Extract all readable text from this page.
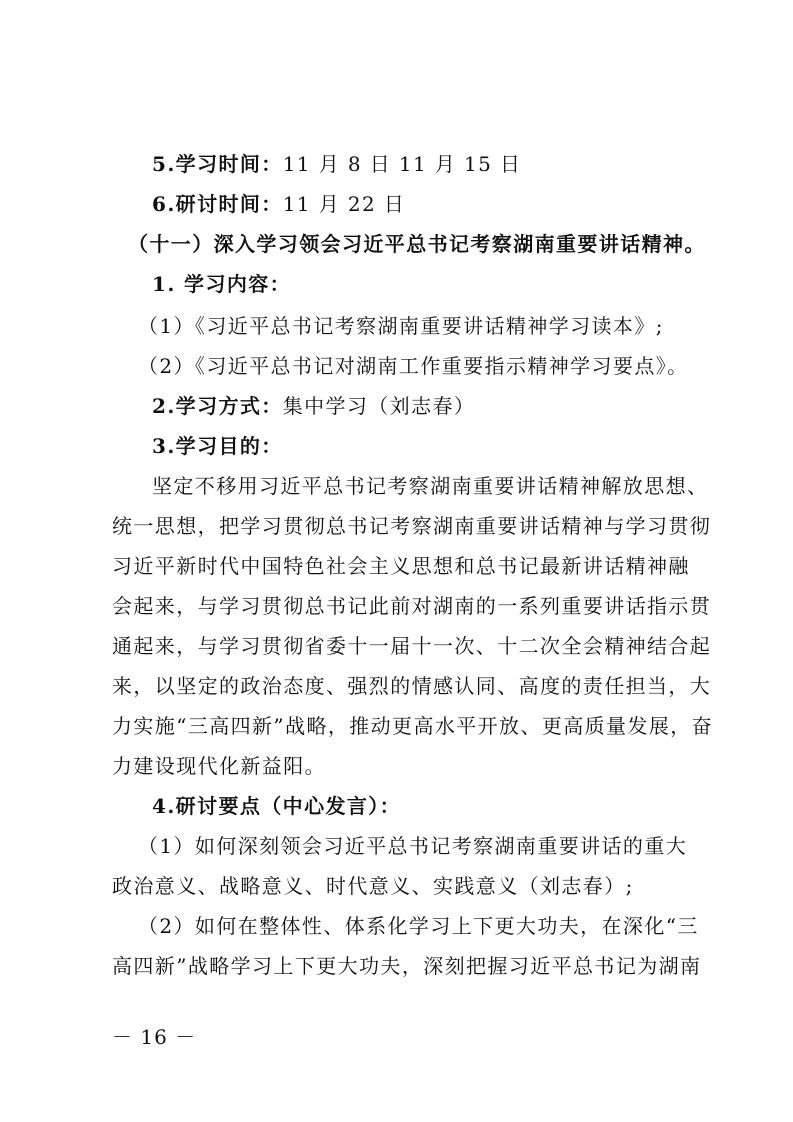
5.学习时间：11 月 8 日 11 月 15 日
6.研讨时间：11 月 22 日
（十一）深入学习领会习近平总书记考察湖南重要讲话精神。
1. 学习内容：
（1）《习近平总书记考察湖南重要讲话精神学习读本》;
（2）《习近平总书记对湖南工作重要指示精神学习要点》。
2.学习方式：集中学习（刘志春）
3.学习目的：
坚定不移用习近平总书记考察湖南重要讲话精神解放思想、
统一思想，把学习贯彻总书记考察湖南重要讲话精神与学习贯彻
习近平新时代中国特色社会主义思想和总书记最新讲话精神融
会起来，与学习贯彻总书记此前对湖南的一系列重要讲话指示贯
通起来，与学习贯彻省委十一届十一次、十二次全会精神结合起
来，以坚定的政治态度、强烈的情感认同、高度的责任担当，大
力实施“三高四新”战略，推动更高水平开放、更高质量发展，奋
力建设现代化新益阳。
4.研讨要点（中心发言）：
（1）如何深刻领会习近平总书记考察湖南重要讲话的重大
政治意义、战略意义、时代意义、实践意义（刘志春）;
（2）如何在整体性、体系化学习上下更大功夫，在深化“三
高四新”战略学习上下更大功夫，深刻把握习近平总书记为湖南
－ 16 －
